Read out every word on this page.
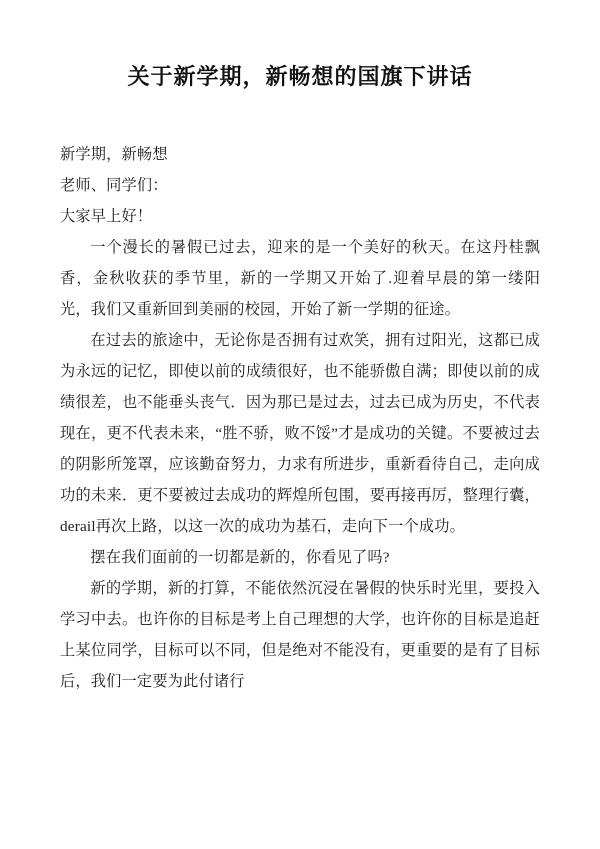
关于新学期，新畅想的国旗下讲话

新学期，新畅想

老师、同学们：

大家早上好！

一个漫长的暑假已过去，迎来的是一个美好的秋天。在这丹桂飘香，金秋收获的季节里，新的一学期又开始了.迎着早晨的第一缕阳光，我们又重新回到美丽的校园，开始了新一学期的征途。

在过去的旅途中，无论你是否拥有过欢笑，拥有过阳光，这都已成为永远的记忆，即使以前的成绩很好，也不能骄傲自满；即使以前的成绩很差，也不能垂头丧气．因为那已是过去，过去已成为历史，不代表现在，更不代表未来，“胜不骄，败不馁”才是成功的关键。不要被过去的阴影所笼罩，应该勤奋努力，力求有所进步，重新看待自己，走向成功的未来．更不要被过去成功的辉煌所包围，要再接再厉，整理行囊，derail再次上路，以这一次的成功为基石，走向下一个成功。

摆在我们面前的一切都是新的，你看见了吗?

新的学期，新的打算，不能依然沉浸在暑假的快乐时光里，要投入学习中去。也许你的目标是考上自己理想的大学，也许你的目标是追赶上某位同学，目标可以不同，但是绝对不能没有，更重要的是有了目标后，我们一定要为此付诸行
